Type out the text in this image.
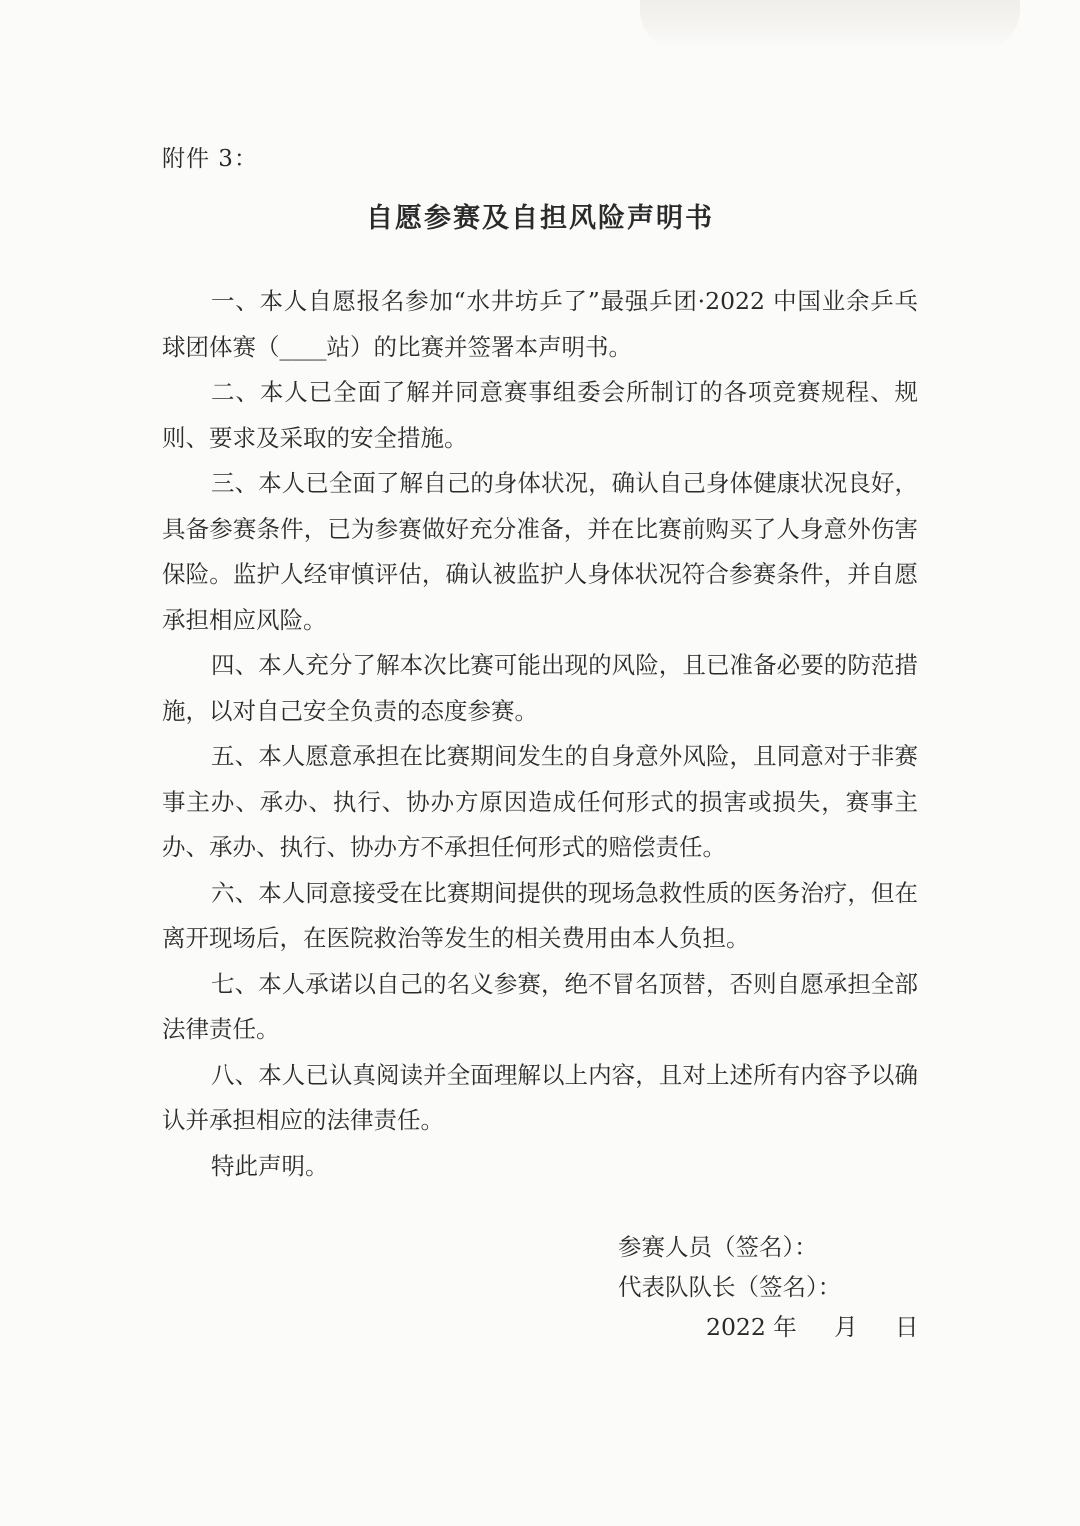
附件 3：
自愿参赛及自担风险声明书

一、本人自愿报名参加“水井坊乒了”最强乒团·2022 中国业余乒乓球团体赛（____站）的比赛并签署本声明书。

二、本人已全面了解并同意赛事组委会所制订的各项竞赛规程、规则、要求及采取的安全措施。

三、本人已全面了解自己的身体状况，确认自己身体健康状况良好，具备参赛条件，已为参赛做好充分准备，并在比赛前购买了人身意外伤害保险。监护人经审慎评估，确认被监护人身体状况符合参赛条件，并自愿承担相应风险。

四、本人充分了解本次比赛可能出现的风险，且已准备必要的防范措施，以对自己安全负责的态度参赛。

五、本人愿意承担在比赛期间发生的自身意外风险，且同意对于非赛事主办、承办、执行、协办方原因造成任何形式的损害或损失，赛事主办、承办、执行、协办方不承担任何形式的赔偿责任。

六、本人同意接受在比赛期间提供的现场急救性质的医务治疗，但在离开现场后，在医院救治等发生的相关费用由本人负担。

七、本人承诺以自己的名义参赛，绝不冒名顶替，否则自愿承担全部法律责任。

八、本人已认真阅读并全面理解以上内容，且对上述所有内容予以确认并承担相应的法律责任。

特此声明。

参赛人员（签名）：
代表队队长（签名）：
2022 年     月     日
